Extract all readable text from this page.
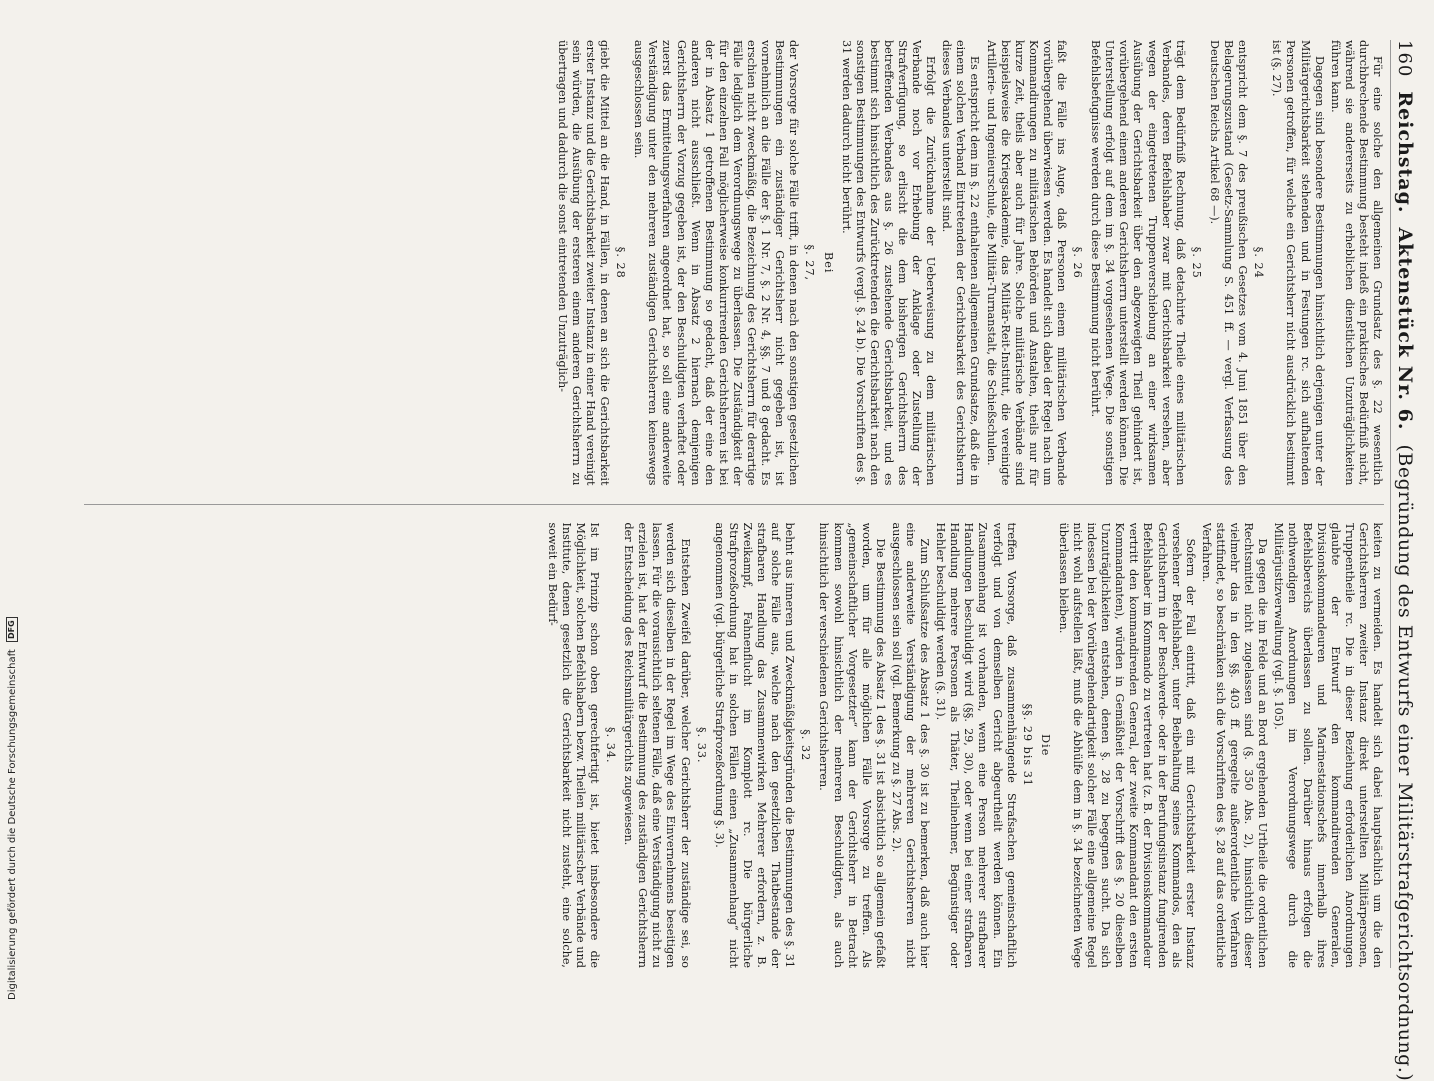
160
Reichstag.
Aktenstück Nr. 6.
(Begründung des Entwurfs einer Militärstrafgerichtsordnung.)

Für eine solche den allgemeinen Grundsatz des §. 22 wesentlich durchbrechende Bestimmung besteht indeß ein praktisches Bedürfniß nicht, während sie andererseits zu erheblichen dienstlichen Unzuträglichkeiten führen kann.

Dagegen sind besondere Bestimmungen hinsichtlich derjenigen unter der Militärgerichtsbarkeit stehenden und in Festungen rc. sich aufhaltenden Personen getroffen, für welche ein Gerichtsherr nicht ausdrücklich bestimmt ist (§. 27).

§. 24

entspricht dem §. 7 des preußischen Gesetzes vom 4. Juni 1851 über den Belagerungszustand (Gesetz-Sammlung S. 451 ff. — vergl. Verfassung des Deutschen Reichs Artikel 68 —).

§. 25

trägt dem Bedürfniß Rechnung, daß detachirte Theile eines militärischen Verbandes, deren Befehlshaber zwar mit Gerichtsbarkeit versehen, aber wegen der eingetretenen Truppenverschiebung an einer wirksamen Ausübung der Gerichtsbarkeit über den abgezweigten Theil gehindert ist, vorübergehend einem anderen Gerichtsherrn unterstellt werden können. Die Unterstellung erfolgt auf dem im §. 34 vorgesehenen Wege. Die sonstigen Befehlsbefugnisse werden durch diese Bestimmung nicht berührt.

§. 26

faßt die Fälle ins Auge, daß Personen einem militärischen Verbande vorübergehend überwiesen werden. Es handelt sich dabei der Regel nach um Kommandirungen zu militärischen Behörden und Anstalten, theils nur für kurze Zeit, theils aber auch für Jahre. Solche militärische Verbände sind beispielsweise die Kriegsakademie, das Militär-Reit-Institut, die vereinigte Artillerie- und Ingenieurschule, die Militär-Turnanstalt, die Schießschulen.

Es entspricht dem im §. 22 enthaltenen allgemeinen Grundsatze, daß die in einem solchen Verband Eintretenden der Gerichtsbarkeit des Gerichtsherrn dieses Verbandes unterstellt sind.

Erfolgt die Zurücknahme der Ueberweisung zu dem militärischen Verbande noch vor Erhebung der Anklage oder Zustellung der Strafverfügung, so erlischt die dem bisherigen Gerichtsherrn des betreffenden Verbandes aus §. 26 zustehende Gerichtsbarkeit, und es bestimmt sich hinsichtlich des Zurücktretenden die Gerichtsbarkeit nach den sonstigen Bestimmungen des Entwurfs (vergl. §. 24 b). Die Vorschriften des §. 31 werden dadurch nicht berührt.

Bei
§. 27,

der Vorsorge für solche Fälle trifft, in denen nach den sonstigen gesetzlichen Bestimmungen ein zuständiger Gerichtsherr nicht gegeben ist, ist vornehmlich an die Fälle der §. 1 Nr. 7, §. 2 Nr. 4, §§. 7 und 8 gedacht. Es erschien nicht zweckmäßig, die Bezeichnung des Gerichtsherrn für derartige Fälle lediglich dem Verordnungswege zu überlassen. Die Zuständigkeit der für den einzelnen Fall möglicherweise konkurrirenden Gerichtsherren ist bei der in Absatz 1 getroffenen Bestimmung so gedacht, daß der eine den anderen nicht ausschließt. Wenn in Absatz 2 hiernach demjenigen Gerichtsherrn der Vorzug gegeben ist, der den Beschuldigten verhaftet oder zuerst das Ermittelungsverfahren angeordnet hat, so soll eine anderweite Verständigung unter den mehreren zuständigen Gerichtsherren keineswegs ausgeschlossen sein.

§. 28

giebt die Mittel an die Hand, in Fällen, in denen an sich die Gerichtsbarkeit erster Instanz und die Gerichtsbarkeit zweiter Instanz in einer Hand vereinigt sein würden, die Ausübung der ersteren einem anderen Gerichtsherrn zu übertragen und dadurch die sonst eintretenden Unzuträglich-

keiten zu vermeiden. Es handelt sich dabei hauptsächlich um die den Gerichtsherren zweiter Instanz direkt unterstellten Militärpersonen, Truppentheile rc. Die in dieser Beziehung erforderlichen Anordnungen glaubte der Entwurf den kommandirenden Generalen, Divisionskommandeuren und Marinestationschefs innerhalb ihres Befehlsbereichs überlassen zu sollen. Darüber hinaus erfolgen die nothwendigen Anordnungen im Verordnungswege durch die Militärjustizverwaltung (vgl. §. 105).

Da gegen die im Felde und an Bord ergehenden Urtheile die ordentlichen Rechtsmittel nicht zugelassen sind (§. 350 Abs. 2), hinsichtlich dieser vielmehr das in den §§. 403 ff. geregelte außerordentliche Verfahren stattfindet, so beschränken sich die Vorschriften des §. 28 auf das ordentliche Verfahren.

Sofern der Fall eintritt, daß ein mit Gerichtsbarkeit erster Instanz versehener Befehlshaber, unter Beibehaltung seines Kommandos, den als Gerichtsherrn in der Beschwerde- oder in der Berufungsinstanz fungirenden Befehlshaber im Kommando zu vertreten hat (z. B. der Divisionskommandeur vertritt den kommandirenden General, der zweite Kommandant den ersten Kommandanten), würden in Gemäßheit der Vorschrift des §. 20 dieselben Unzuträglichkeiten entstehen, denen §. 28 zu begegnen sucht. Da sich indessen bei der Vorübergehendartigkeit solcher Fälle eine allgemeine Regel nicht wohl aufstellen läßt, muß die Abhülfe dem in §. 34 bezeichneten Wege überlassen bleiben.

Die
§§. 29 bis 31

treffen Vorsorge, daß zusammenhängende Strafsachen gemeinschaftlich verfolgt und von demselben Gericht abgeurtheilt werden können. Ein Zusammenhang ist vorhanden, wenn eine Person mehrerer strafbarer Handlungen beschuldigt wird (§§. 29, 30), oder wenn bei einer strafbaren Handlung mehrere Personen als Thäter, Theilnehmer, Begünstiger oder Hehler beschuldigt werden (§. 31).

Zum Schlußsatze des Absatz 1 des §. 30 ist zu bemerken, daß auch hier eine anderweite Verständigung der mehreren Gerichtsherren nicht ausgeschlossen sein soll (vgl. Bemerkung zu §. 27 Abs. 2).

Die Bestimmung des Absatz 1 des §. 31 ist absichtlich so allgemein gefaßt worden, um für alle möglichen Fälle Vorsorge zu treffen. Als „gemeinschaftlicher Vorgesetzter“ kann der Gerichtsherr in Betracht kommen sowohl hinsichtlich der mehreren Beschuldigten, als auch hinsichtlich der verschiedenen Gerichtsherren.

§. 32

behnt aus inneren und Zweckmäßigkeitsgründen die Bestimmungen des §. 31 auf solche Fälle aus, welche nach den gesetzlichen Thatbestande der strafbaren Handlung das Zusammenwirken Mehrerer erfordern, z. B. Zweikampf, Fahnenflucht im Komplott rc. Die bürgerliche Strafprozeßordnung hat in solchen Fällen einen „Zusammenhang“ nicht angenommen (vgl. bürgerliche Strafprozeßordnung §. 3).

§. 33.

Entstehen Zweifel darüber, welcher Gerichtsherr der zuständige sei, so werden sich dieselben in der Regel im Wege des Einvernehmens beseitigen lassen. Für die vorausichtlich seltenen Fälle, daß eine Verständigung nicht zu erzielen ist, hat der Entwurf die Bestimmung des zuständigen Gerichtsherrn der Entscheidung des Reichsmilitärgerichts zugewiesen.

§. 34.

Ist im Prinzip schon oben gerechtfertigt ist, bietet insbesondere die Möglichkeit, solchen Befehlshabern bezw. Theilen militärischer Verbände und Institute, denen gesetzlich die Gerichtsbarkeit nicht zusteht, eine solche, soweit ein Bedürf-

Digitalisierung gefördert durch die Deutsche Forschungsgemeinschaft DFG
